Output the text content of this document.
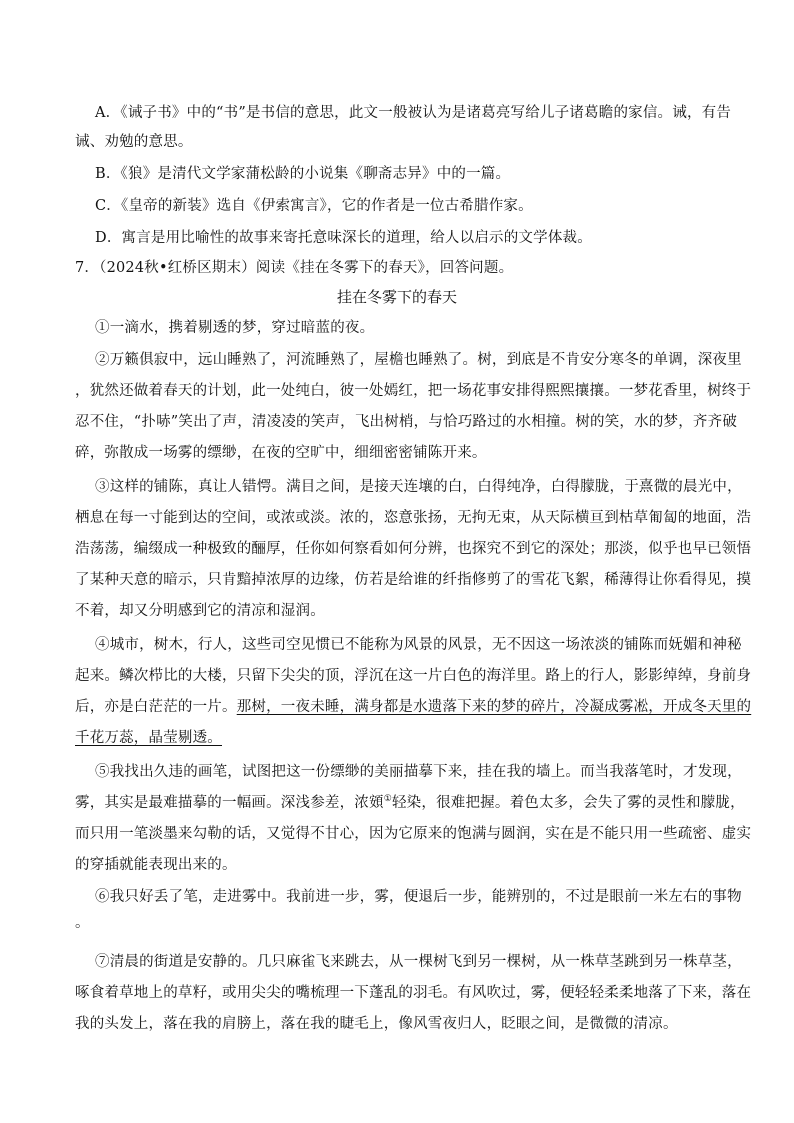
A．《诫子书》中的“书”是书信的意思，此文一般被认为是诸葛亮写给儿子诸葛瞻的家信。诫，有告
诫、劝勉的意思。
B．《狼》是清代文学家蒲松龄的小说集《聊斋志异》中的一篇。
C．《皇帝的新装》选自《伊索寓言》，它的作者是一位古希腊作家。
D．寓言是用比喻性的故事来寄托意味深长的道理，给人以启示的文学体裁。
7．（2024秋•红桥区期末）阅读《挂在冬雾下的春天》，回答问题。
挂在冬雾下的春天
①一滴水，携着剔透的梦，穿过暗蓝的夜。
②万籁俱寂中，远山睡熟了，河流睡熟了，屋檐也睡熟了。树，到底是不肯安分寒冬的单调，深夜里
，犹然还做着春天的计划，此一处纯白，彼一处嫣红，把一场花事安排得熙熙攘攘。一梦花香里，树终于
忍不住，“扑哧”笑出了声，清凌凌的笑声，飞出树梢，与恰巧路过的水相撞。树的笑，水的梦，齐齐破
碎，弥散成一场雾的缥缈，在夜的空旷中，细细密密铺陈开来。
③这样的铺陈，真让人错愕。满目之间，是接天连壤的白，白得纯净，白得朦胧，于熹微的晨光中，
栖息在每一寸能到达的空间，或浓或淡。浓的，恣意张扬，无拘无束，从天际横亘到枯草匍匐的地面，浩
浩荡荡，编缀成一种极致的酾厚，任你如何察看如何分辨，也探究不到它的深处；那淡，似乎也早已领悟
了某种天意的暗示，只肯黯掉浓厚的边缘，仿若是给谁的纤指修剪了的雪花飞絮，稀薄得让你看得见，摸
不着，却又分明感到它的清凉和湿润。
④城市，树木，行人，这些司空见惯已不能称为风景的风景，无不因这一场浓淡的铺陈而妩媚和神秘
起来。鳞次栉比的大楼，只留下尖尖的顶，浮沉在这一片白色的海洋里。路上的行人，影影绰绰，身前身
后，亦是白茫茫的一片。 那树，一夜未睡，满身都是水遗落下来的梦的碎片，冷凝成雾凇，开成冬天里的
千花万蕊，晶莹剔透。
⑤我找出久违的画笔，试图把这一份缥缈的美丽描摹下来，挂在我的墙上。而当我落笔时，才发现，
雾，其实是最难描摹的一幅画。深浅参差，浓頞①轻染，很难把握。着色太多，会失了雾的灵性和朦胧，
而只用一笔淡墨来勾勒的话，又觉得不甘心，因为它原来的饱满与圆润，实在是不能只用一些疏密、虚实
的穿插就能表现出来的。
⑥我只好丢了笔，走进雾中。我前进一步，雾，便退后一步，能辨别的，不过是眼前一米左右的事物
。
⑦清晨的街道是安静的。几只麻雀飞来跳去，从一棵树飞到另一棵树，从一株草茎跳到另一株草茎，
啄食着草地上的草籽，或用尖尖的嘴梳理一下蓬乱的羽毛。有风吹过，雾，便轻轻柔柔地落了下来，落在
我的头发上，落在我的肩膀上，落在我的睫毛上，像风雪夜归人，眨眼之间，是微微的清凉。
